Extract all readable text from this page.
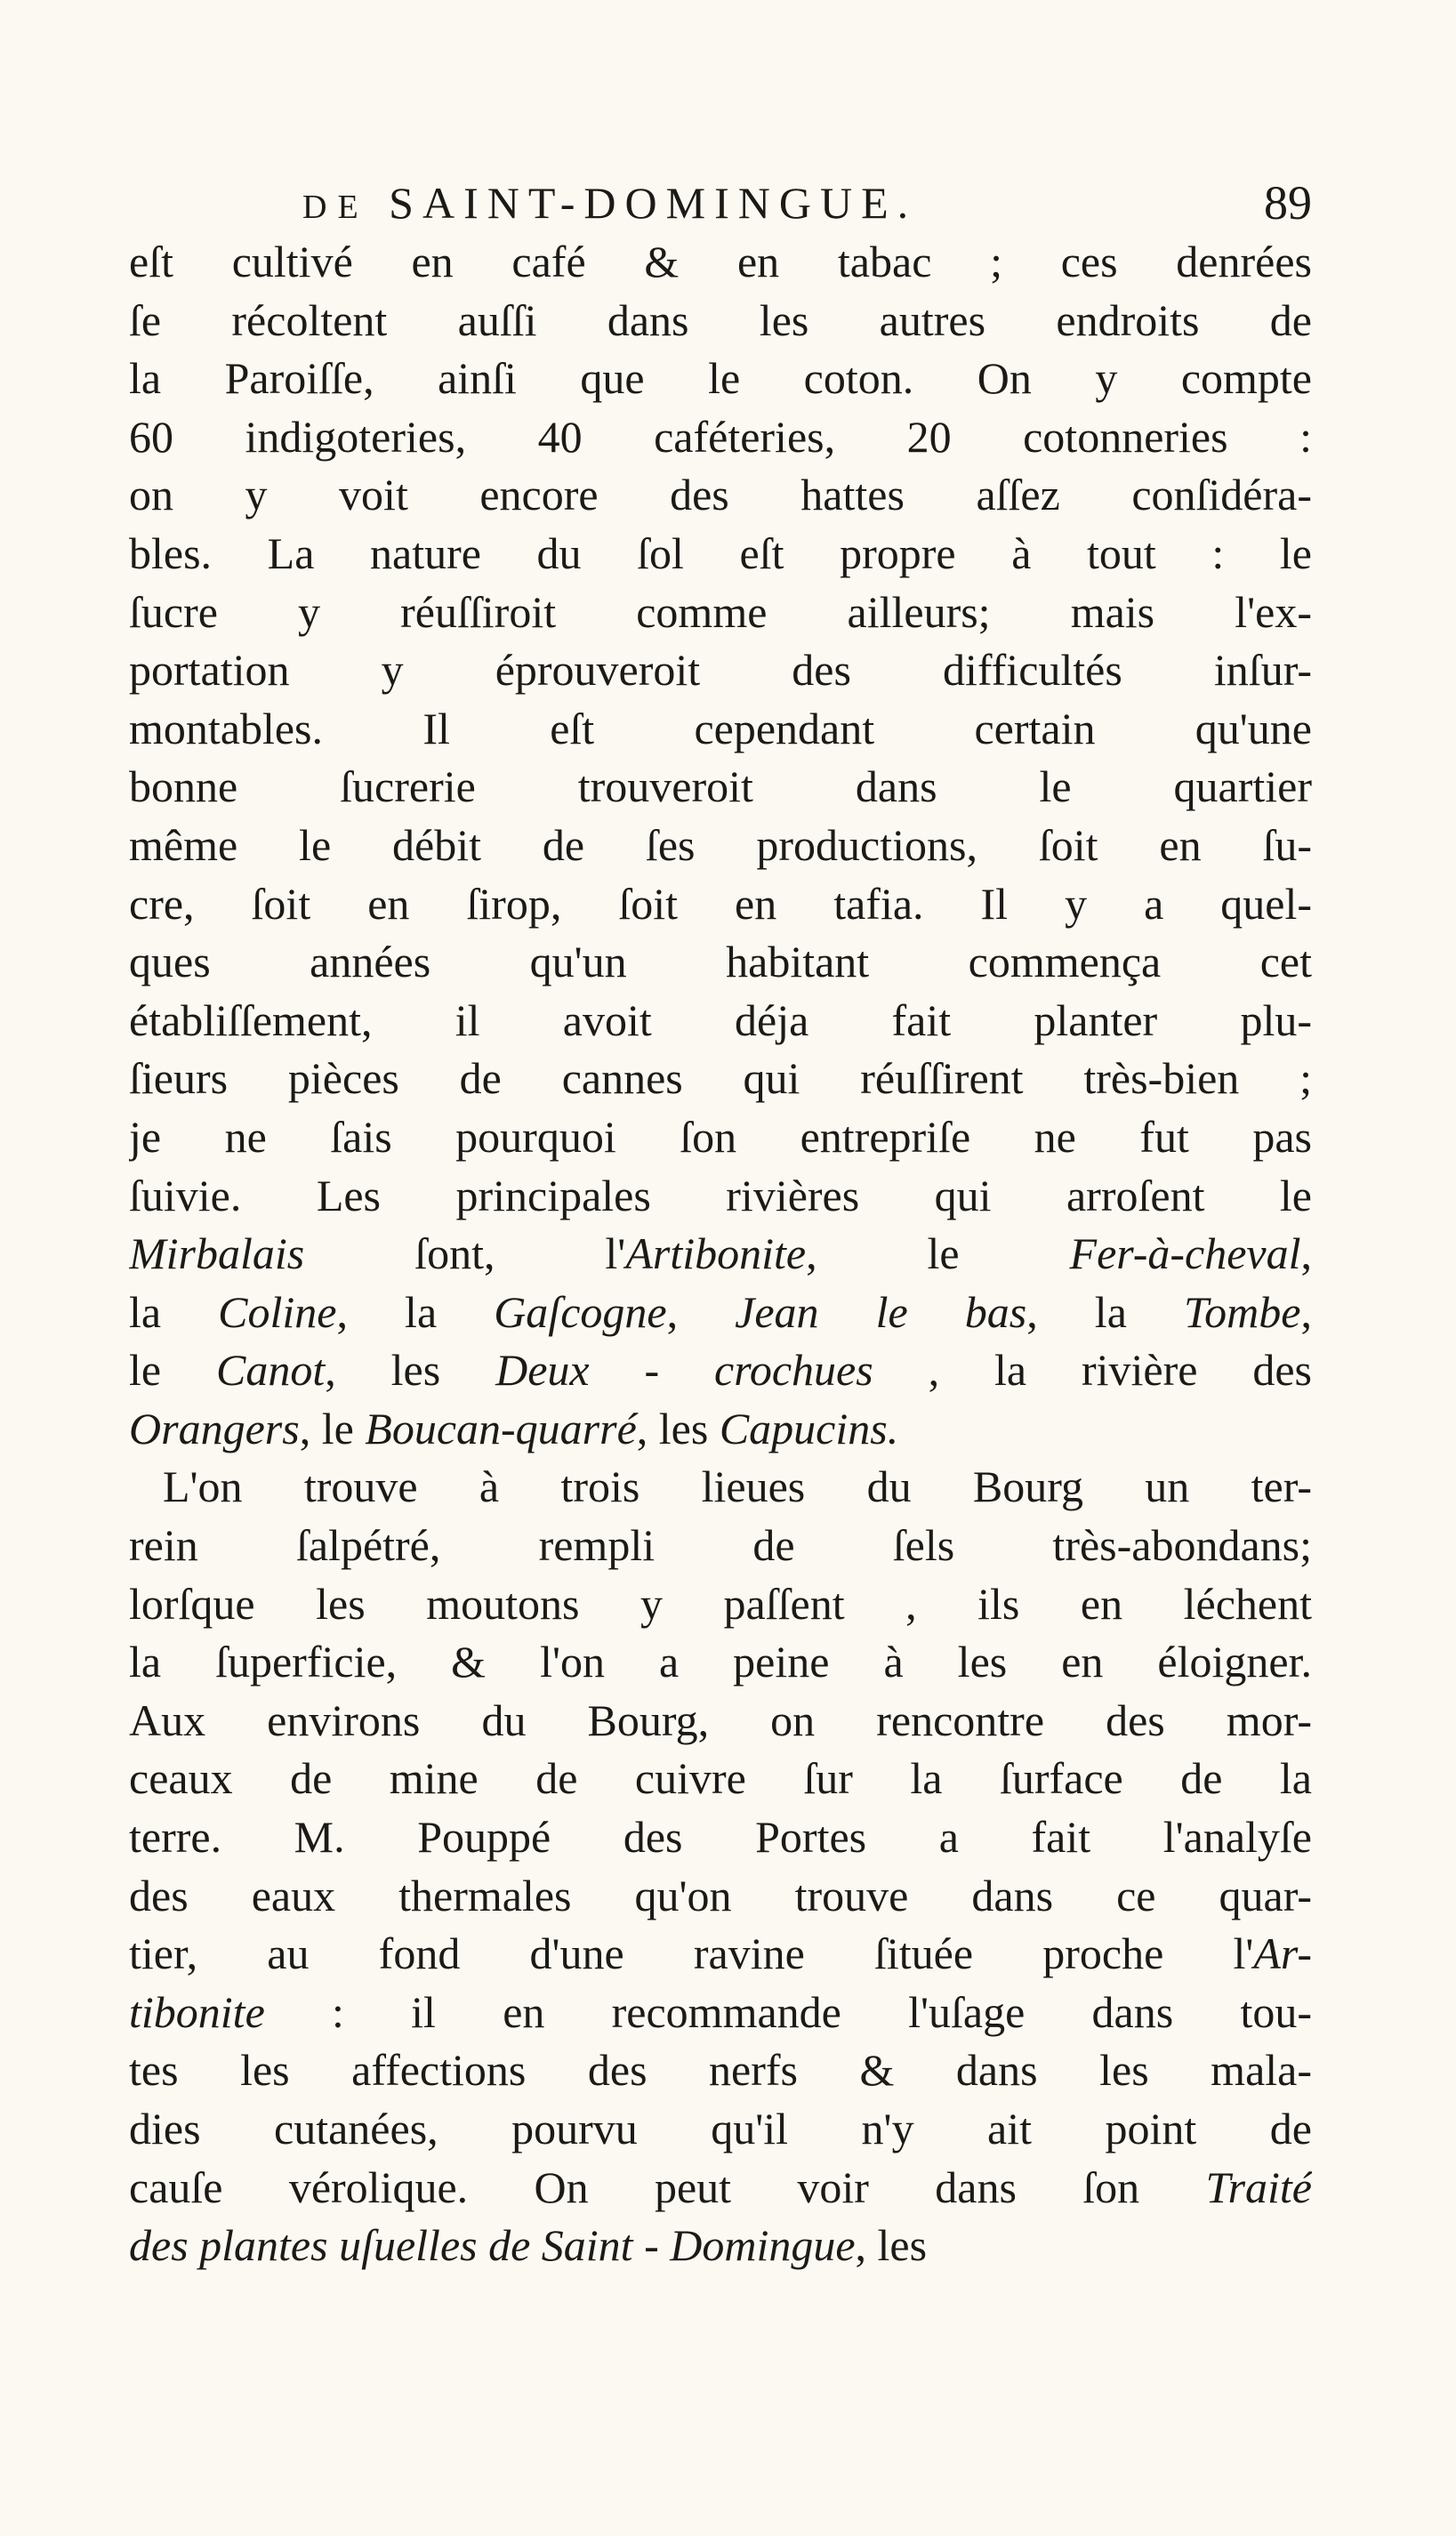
DE SAINT-DOMINGUE.	89
eſt cultivé en café & en tabac ; ces denrées
ſe récoltent auſſi dans les autres endroits de
la Paroiſſe, ainſi que le coton. On y compte
60 indigoteries, 40 caféteries, 20 cotonneries :
on y voit encore des hattes aſſez conſidéra-
bles. La nature du ſol eſt propre à tout : le
ſucre y réuſſiroit comme ailleurs; mais l'ex-
portation y éprouveroit des difficultés inſur-
montables. Il eſt cependant certain qu'une
bonne ſucrerie trouveroit dans le quartier
même le débit de ſes productions, ſoit en ſu-
cre, ſoit en ſirop, ſoit en tafia. Il y a quel-
ques années qu'un habitant commença cet
établiſſement, il avoit déja fait planter plu-
ſieurs pièces de cannes qui réuſſirent très-bien ;
je ne ſais pourquoi ſon entrepriſe ne fut pas
ſuivie. Les principales rivières qui arroſent le
Mirbalais ſont, l'Artibonite, le Fer-à-cheval,
la Coline, la Gaſcogne, Jean le bas, la Tombe,
le Canot, les Deux - crochues , la rivière des
Orangers, le Boucan-quarré, les Capucins.
L'on trouve à trois lieues du Bourg un ter-
rein ſalpétré, rempli de ſels très-abondans;
lorſque les moutons y paſſent , ils en léchent
la ſuperficie, & l'on a peine à les en éloigner.
Aux environs du Bourg, on rencontre des mor-
ceaux de mine de cuivre ſur la ſurface de la
terre. M. Pouppé des Portes a fait l'analyſe
des eaux thermales qu'on trouve dans ce quar-
tier, au fond d'une ravine ſituée proche l'Ar-
tibonite : il en recommande l'uſage dans tou-
tes les affections des nerfs & dans les mala-
dies cutanées, pourvu qu'il n'y ait point de
cauſe vérolique. On peut voir dans ſon Traité
des plantes uſuelles de Saint - Domingue, les
